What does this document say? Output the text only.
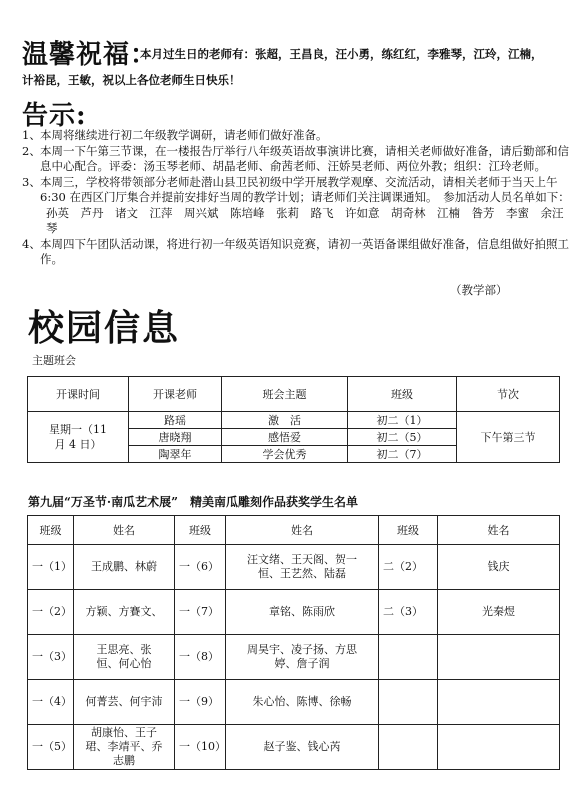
温馨祝福：
本月过生日的老师有：张超，王昌良，汪小勇，练红红，李雅琴，江玲，江楠，
计裕昆，王敏，祝以上各位老师生日快乐！
告示:
1、 本周将继续进行初二年级教学调研，请老师们做好准备。
2、 本周一下午第三节课，在一楼报告厅举行八年级英语故事演讲比赛，请相关老师做好准备，请后勤部和信息中心配合。评委：汤玉琴老师、胡晶老师、俞茜老师、汪娇昊老师、两位外教；组织：江玲老师。
3、 本周三，学校将带领部分老师赴潜山县卫民初级中学开展教学观摩、交流活动，请相关老师于当天上午 6:30 在西区门厅集合并提前安排好当周的教学计划；请老师们关注调课通知。　参加活动人员名单如下：
孙英　芦丹　诸文　江萍　周兴斌　陈培峰　张莉　路飞　许如意　胡奇林　江楠　昝芳　李蜜　余汪琴
4、 本周四下午团队活动课，将进行初一年级英语知识竞赛，请初一英语备课组做好准备，信息组做好拍照工作。
（教学部）
校园信息
主题班会
开课时间	开课老师	班会主题	班级	节次
星期一（11 月 4 日）	路瑶	激　活	初二（1）	下午第三节
	唐晓翔	感悟爱	初二（5）	
	陶翠年	学会优秀	初二（7）	
第九届“万圣节·南瓜艺术展”　精美南瓜雕刻作品获奖学生名单
班级	姓名	班级	姓名	班级	姓名
一（1）	王成鹏、林蔚	一（6）	汪文绪、王天阁、贺一恒、王艺然、陆磊	二（2）	钱庆
一（2）	方颖、方賽文、	一（7）	章铭、陈雨欣	二（3）	光秦煜
一（3）	王思亮、张恒、何心怡	一（8）	周昊宇、凌子扬、方思婷、詹子润		
一（4）	何菁芸、何宇沛	一（9）	朱心怡、陈博、徐畅		
一（5）	胡康怡、王子珺、李靖平、乔志鹏	一（10）	赵子鉴、钱心芮		
